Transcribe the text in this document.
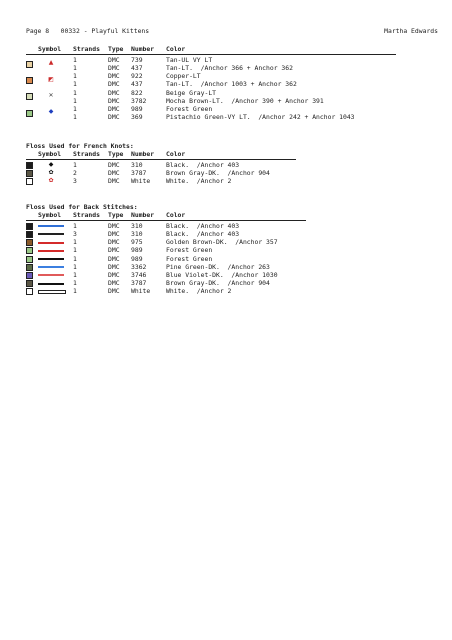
Page 8   00332 - Playful Kittens	Martha Edwards
Symbol Strands Type Number Color
▲	1	DMC 739	Tan-UL VY LT
1	DMC 437	Tan-LT.  /Anchor 366 + Anchor 362
◩	1	DMC 922	Copper-LT
1	DMC 437	Tan-LT.  /Anchor 1003 + Anchor 362
✕	1	DMC 822	Beige Gray-LT
1	DMC 3782	Mocha Brown-LT.  /Anchor 390 + Anchor 391
◆	1	DMC 989	Forest Green
1	DMC 369	Pistachio Green-VY LT.  /Anchor 242 + Anchor 1043
Floss Used for French Knots:
Symbol Strands Type Number Color
◆	1	DMC 310	Black.  /Anchor 403
✿	2	DMC 3787	Brown Gray-DK.  /Anchor 904
✿	3	DMC White White.  /Anchor 2
Floss Used for Back Stitches:
Symbol Strands Type Number Color
1	DMC 310	Black.  /Anchor 403
3	DMC 310	Black.  /Anchor 403
1	DMC 975	Golden Brown-DK.  /Anchor 357
1	DMC 989	Forest Green
1	DMC 989	Forest Green
1	DMC 3362	Pine Green-DK.  /Anchor 263
1	DMC 3746	Blue Violet-DK.  /Anchor 1030
1	DMC 3787	Brown Gray-DK.  /Anchor 904
1	DMC White White.  /Anchor 2
